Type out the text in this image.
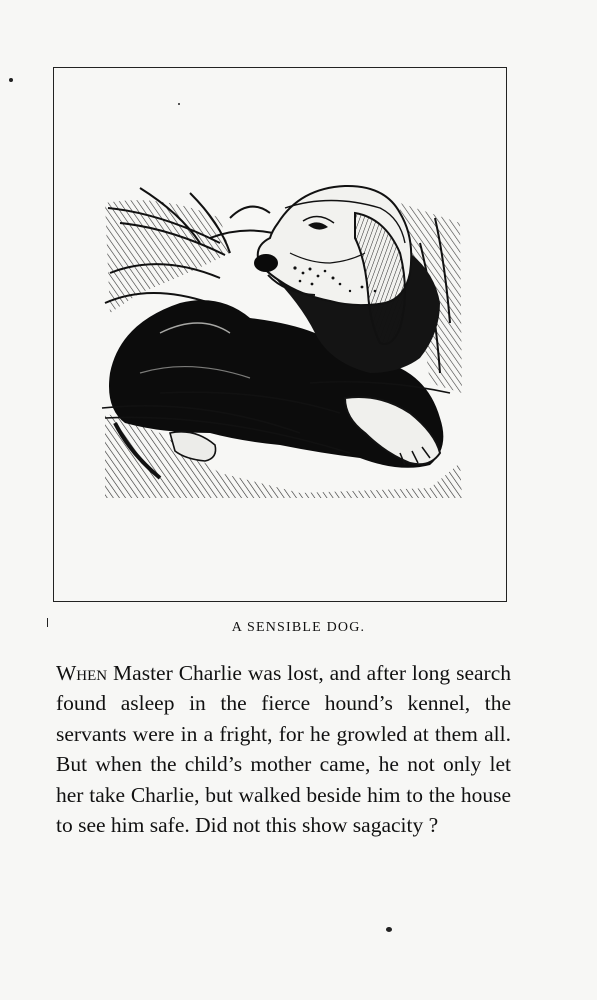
A SENSIBLE DOG.

When Master Charlie was lost, and after long search found asleep in the fierce hound’s kennel, the servants were in a fright, for he growled at them all. But when the child’s mother came, he not only let her take Charlie, but walked beside him to the house to see him safe. Did not this show sagacity ?
